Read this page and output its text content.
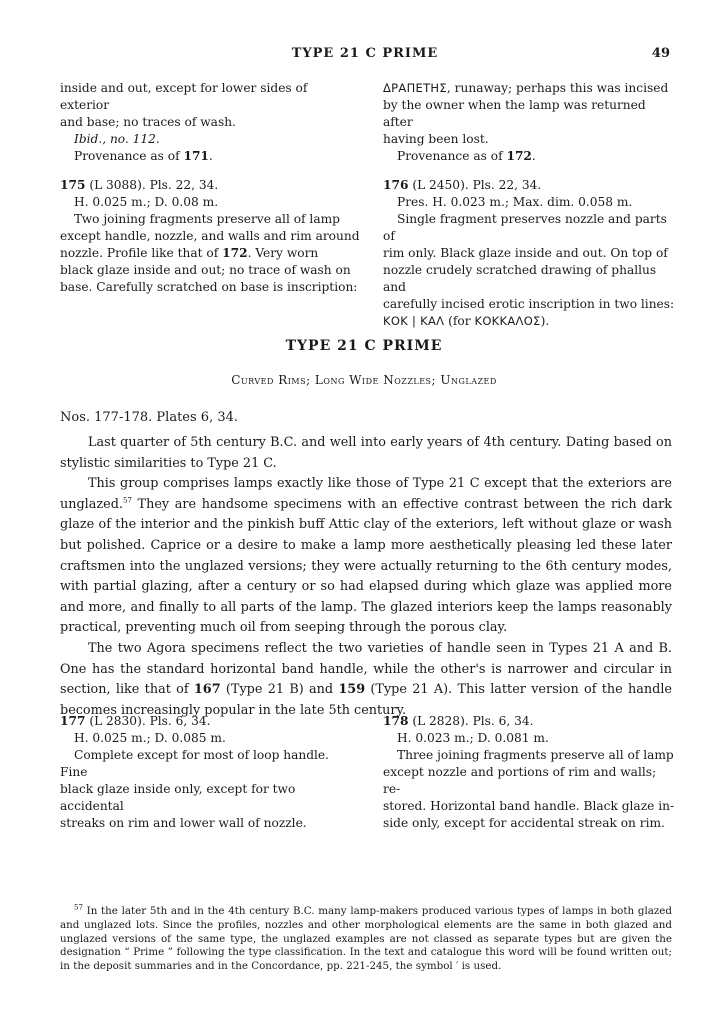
TYPE 21 C PRIME	49

inside and out, except for lower sides of exterior

and base; no traces of wash.

Ibid., no. 112.

Provenance as of 171.

175 (L 3088). Pls. 22, 34.

H. 0.025 m.; D. 0.08 m.

Two joining fragments preserve all of lamp

except handle, nozzle, and walls and rim around

nozzle. Profile like that of 172. Very worn

black glaze inside and out; no trace of wash on

base. Carefully scratched on base is inscription:

ΔΡΑΠΕΤΗΣ, runaway; perhaps this was incised

by the owner when the lamp was returned after

having been lost.

Provenance as of 172.

176 (L 2450). Pls. 22, 34.

Pres. H. 0.023 m.; Max. dim. 0.058 m.

Single fragment preserves nozzle and parts of

rim only. Black glaze inside and out. On top of

nozzle crudely scratched drawing of phallus and

carefully incised erotic inscription in two lines:

ΚΟΚ | ΚΑΛ (for ΚΟΚΚΑΛΟΣ).

TYPE 21 C PRIME
Curved Rims; Long Wide Nozzles; Unglazed
Nos. 177-178. Plates 6, 34.

Last quarter of 5th century B.C. and well into early years of 4th century. Dating based on stylistic similarities to Type 21 C.

This group comprises lamps exactly like those of Type 21 C except that the exteriors are unglazed.$^{57}$ They are handsome specimens with an effective contrast between the rich dark glaze of the interior and the pinkish buff Attic clay of the exteriors, left without glaze or wash but polished. Caprice or a desire to make a lamp more aesthetically pleasing led these later craftsmen into the unglazed versions; they were actually returning to the 6th century modes, with partial glazing, after a century or so had elapsed during which glaze was applied more and more, and finally to all parts of the lamp. The glazed interiors keep the lamps reasonably practical, preventing much oil from seeping through the porous clay.

The two Agora specimens reflect the two varieties of handle seen in Types 21 A and B. One has the standard horizontal band handle, while the other's is narrower and circular in section, like that of 167 (Type 21 B) and 159 (Type 21 A). This latter version of the handle becomes increasingly popular in the late 5th century.

177 (L 2830). Pls. 6, 34.

H. 0.025 m.; D. 0.085 m.

Complete except for most of loop handle. Fine

black glaze inside only, except for two accidental

streaks on rim and lower wall of nozzle.

178 (L 2828). Pls. 6, 34.

H. 0.023 m.; D. 0.081 m.

Three joining fragments preserve all of lamp

except nozzle and portions of rim and walls; re-

stored. Horizontal band handle. Black glaze in-

side only, except for accidental streak on rim.

$^{57}$ In the later 5th and in the 4th century B.C. many lamp-makers produced various types of lamps in both glazed and unglazed lots. Since the profiles, nozzles and other morphological elements are the same in both glazed and unglazed versions of the same type, the unglazed examples are not classed as separate types but are given the designation “ Prime ” following the type classification. In the text and catalogue this word will be found written out; in the deposit summaries and in the Concordance, pp. 221-245, the symbol ′ is used.
